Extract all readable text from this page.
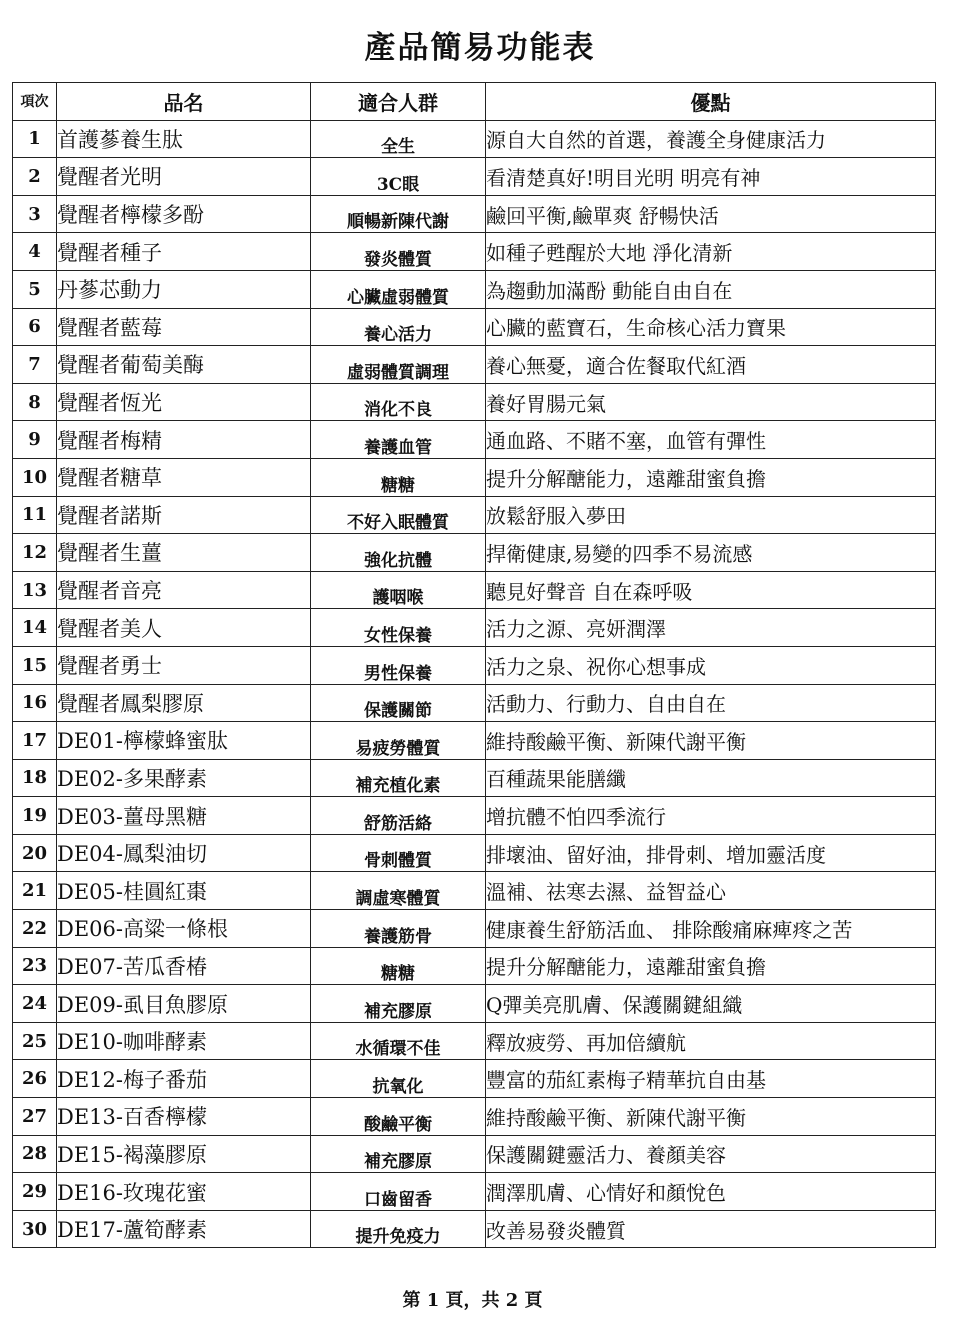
產品簡易功能表
項次	品名	適合人群	優點
1	首護蔘養生肽	全生	源自大自然的首選，養護全身健康活力
2	覺醒者光明	3C眼	看清楚真好!明目光明 明亮有神
3	覺醒者檸檬多酚	順暢新陳代謝	鹼回平衡,鹼單爽 舒暢快活
4	覺醒者種子	發炎體質	如種子甦醒於大地 淨化清新
5	丹蔘芯動力	心臟虛弱體質	為趨動加滿酚 動能自由自在
6	覺醒者藍莓	養心活力	心臟的藍寶石，生命核心活力寶果
7	覺醒者葡萄美酶	虛弱體質調理	養心無憂，適合佐餐取代紅酒
8	覺醒者恆光	消化不良	養好胃腸元氣
9	覺醒者梅精	養護血管	通血路、不賭不塞，血管有彈性
10	覺醒者糖草	糖糖	提升分解醣能力，遠離甜蜜負擔
11	覺醒者諾斯	不好入眠體質	放鬆舒服入夢田
12	覺醒者生薑	強化抗體	捍衛健康,易變的四季不易流感
13	覺醒者音亮	護咽喉	聽見好聲音 自在森呼吸
14	覺醒者美人	女性保養	活力之源、亮妍潤澤
15	覺醒者勇士	男性保養	活力之泉、祝你心想事成
16	覺醒者鳳梨膠原	保護關節	活動力、行動力、自由自在
17	DE01-檸檬蜂蜜肽	易疲勞體質	維持酸鹼平衡、新陳代謝平衡
18	DE02-多果酵素	補充植化素	百種蔬果能膳纖
19	DE03-薑母黑糖	舒筋活絡	增抗體不怕四季流行
20	DE04-鳳梨油切	骨刺體質	排壞油、留好油，排骨刺、增加靈活度
21	DE05-桂圓紅棗	調虛寒體質	溫補、祛寒去濕、益智益心
22	DE06-高粱一條根	養護筋骨	健康養生舒筋活血、 排除酸痛麻痺疼之苦
23	DE07-苦瓜香椿	糖糖	提升分解醣能力，遠離甜蜜負擔
24	DE09-虱目魚膠原	補充膠原	Q彈美亮肌膚、保護關鍵組織
25	DE10-咖啡酵素	水循環不佳	釋放疲勞、再加倍續航
26	DE12-梅子番茄	抗氧化	豐富的茄紅素梅子精華抗自由基
27	DE13-百香檸檬	酸鹼平衡	維持酸鹼平衡、新陳代謝平衡
28	DE15-褐藻膠原	補充膠原	保護關鍵靈活力、養顏美容
29	DE16-玫瑰花蜜	口齒留香	潤澤肌膚、心情好和顏悅色
30	DE17-蘆筍酵素	提升免疫力	改善易發炎體質
第 1 頁，共 2 頁
